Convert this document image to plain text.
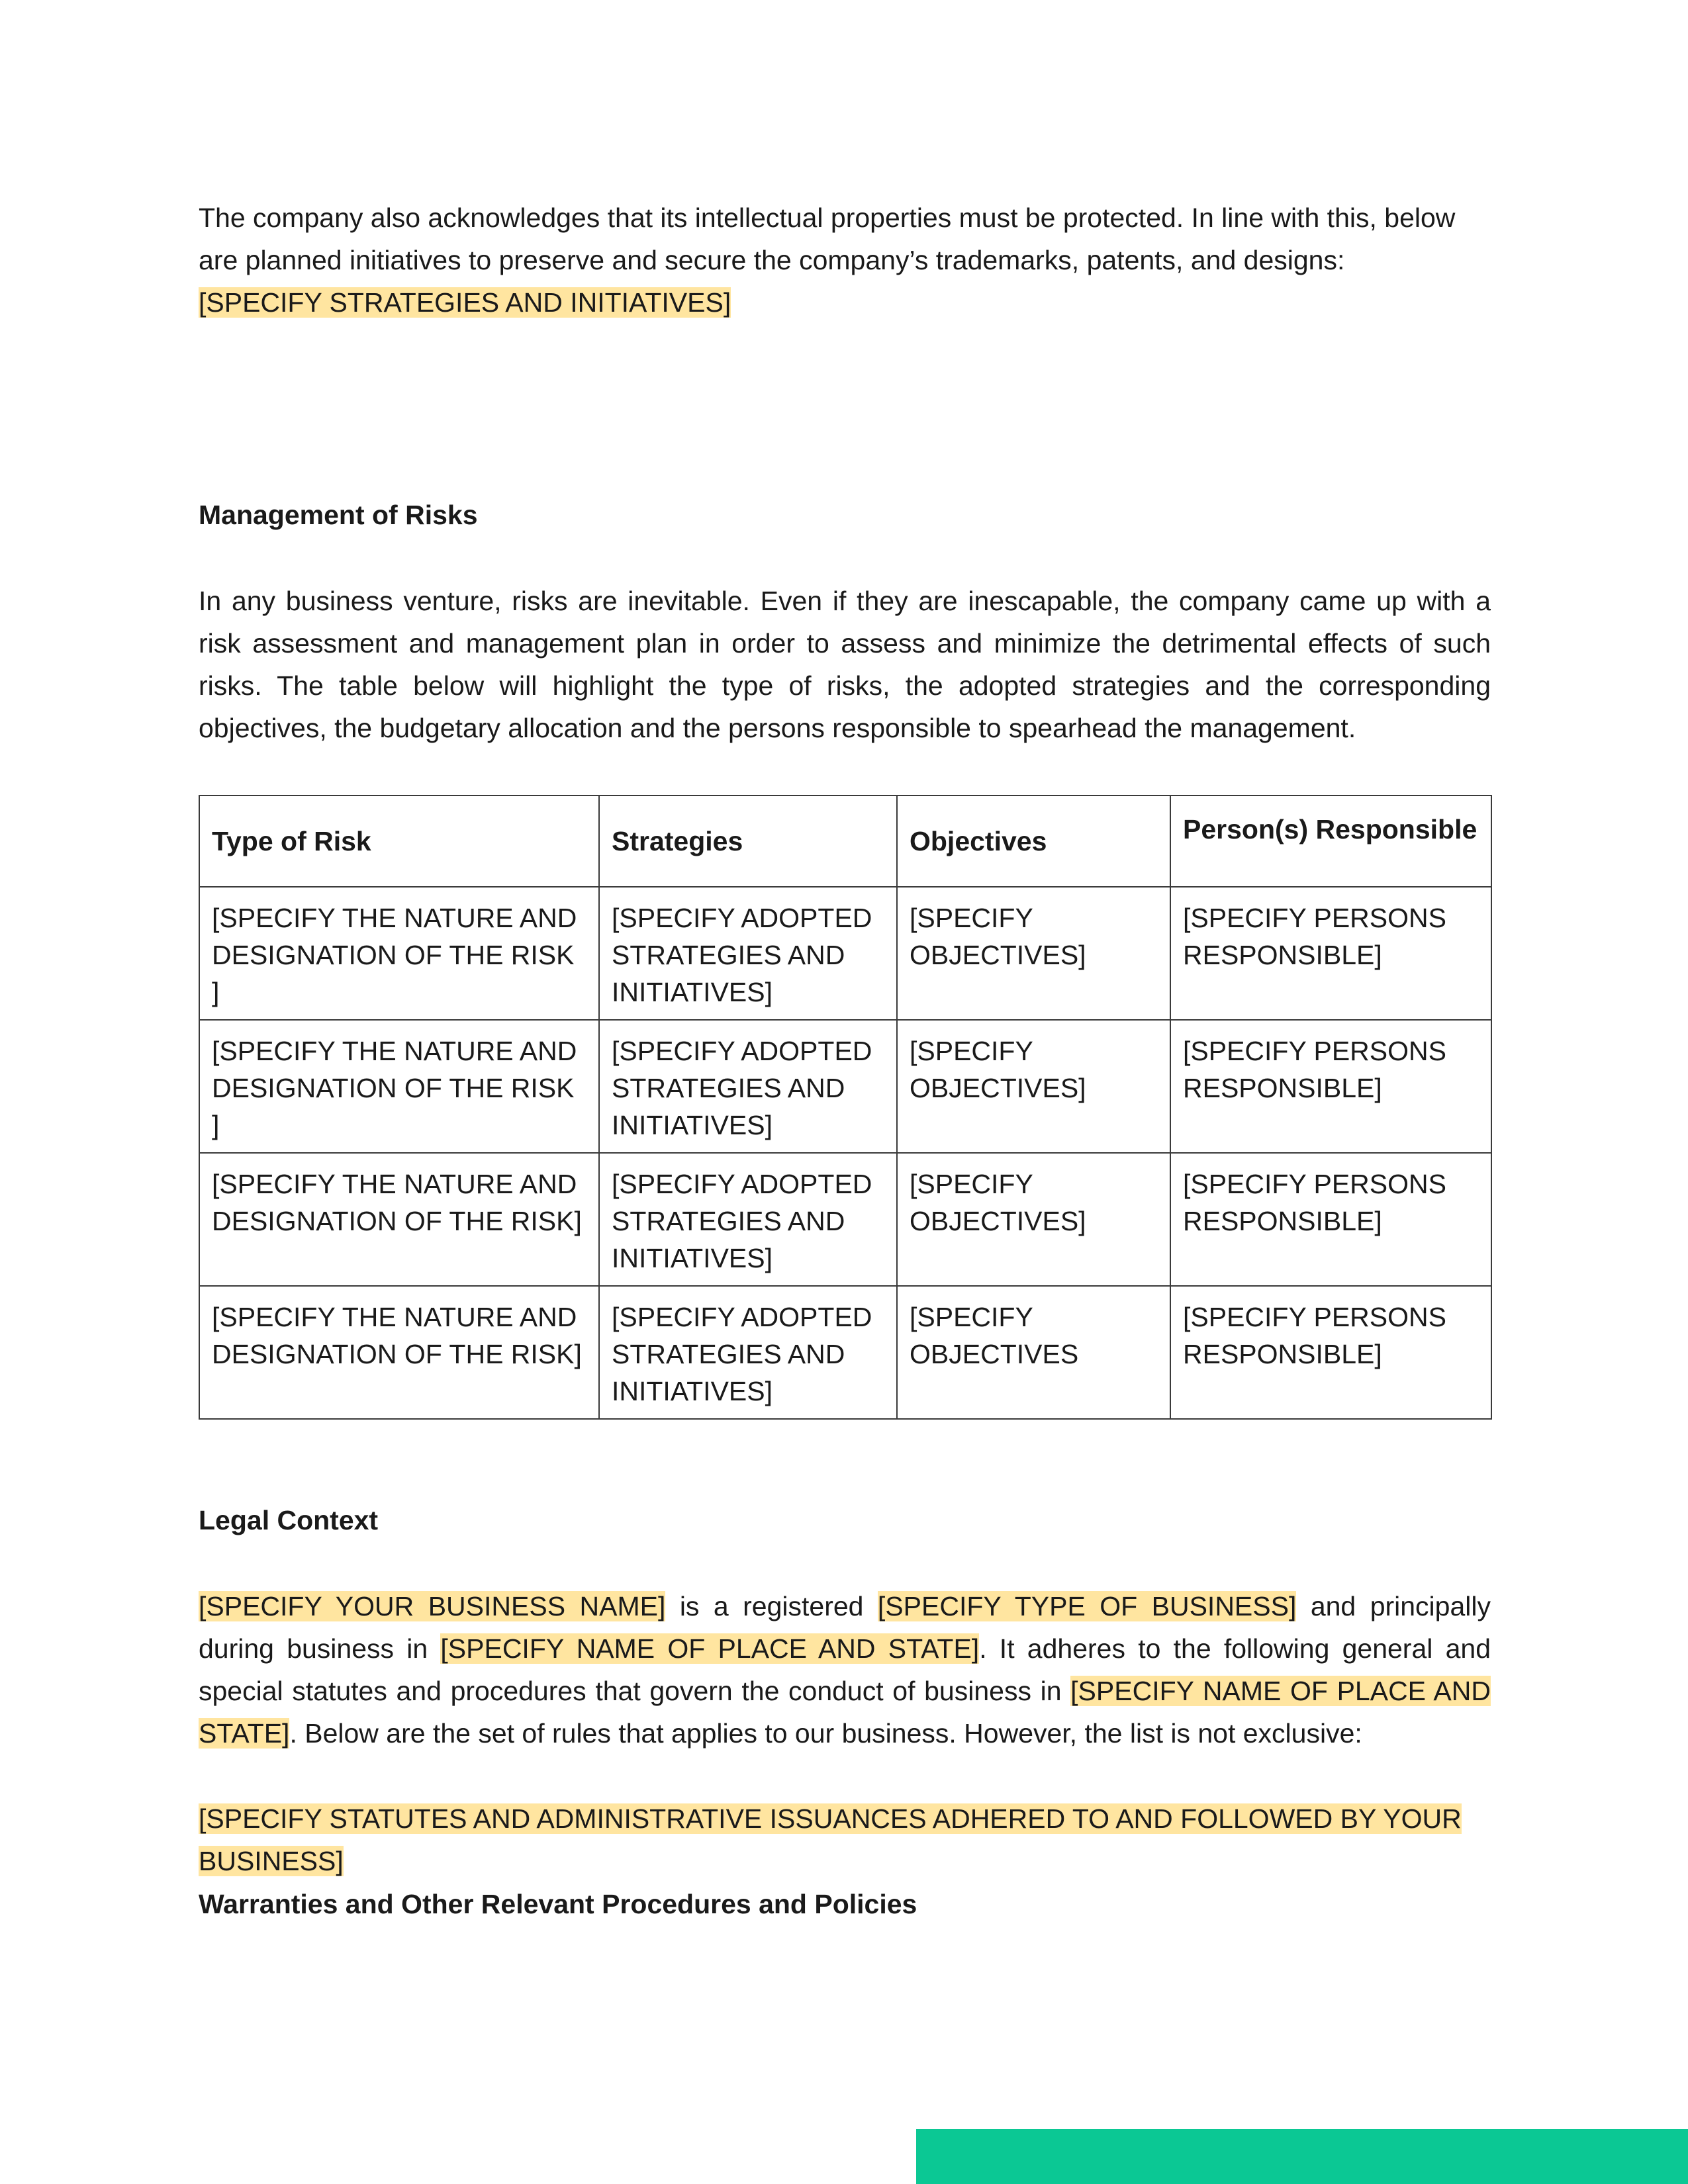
The company also acknowledges that its intellectual properties must be protected. In line with this, below are planned initiatives to preserve and secure the company’s trademarks, patents, and designs:
[SPECIFY STRATEGIES AND INITIATIVES]
Management of Risks
In any business venture, risks are inevitable. Even if they are inescapable, the company came up with a risk assessment and management plan in order to assess and minimize the detrimental effects of such risks. The table below will highlight the type of risks, the adopted strategies and the corresponding objectives, the budgetary allocation and the persons responsible to spearhead the management.
Type of Risk	Strategies	Objectives	Person(s) Responsible
[SPECIFY THE NATURE AND DESIGNATION OF THE RISK ]	[SPECIFY ADOPTED STRATEGIES AND INITIATIVES]	[SPECIFY OBJECTIVES]	[SPECIFY PERSONS RESPONSIBLE]
[SPECIFY THE NATURE AND DESIGNATION OF THE RISK ]	[SPECIFY ADOPTED STRATEGIES AND INITIATIVES]	[SPECIFY OBJECTIVES]	[SPECIFY PERSONS RESPONSIBLE]
[SPECIFY THE NATURE AND DESIGNATION OF THE RISK]	[SPECIFY ADOPTED STRATEGIES AND INITIATIVES]	[SPECIFY OBJECTIVES]	[SPECIFY PERSONS RESPONSIBLE]
[SPECIFY THE NATURE AND DESIGNATION OF THE RISK]	[SPECIFY ADOPTED STRATEGIES AND INITIATIVES]	[SPECIFY OBJECTIVES	[SPECIFY PERSONS RESPONSIBLE]
Legal Context
[SPECIFY YOUR BUSINESS NAME] is a registered [SPECIFY TYPE OF BUSINESS] and principally during business in [SPECIFY NAME OF PLACE AND STATE]. It adheres to the following general and special statutes and procedures that govern the conduct of business in [SPECIFY NAME OF PLACE AND STATE]. Below are the set of rules that applies to our business. However, the list is not exclusive:
[SPECIFY STATUTES AND ADMINISTRATIVE ISSUANCES ADHERED TO AND FOLLOWED BY YOUR BUSINESS]
Warranties and Other Relevant Procedures and Policies
